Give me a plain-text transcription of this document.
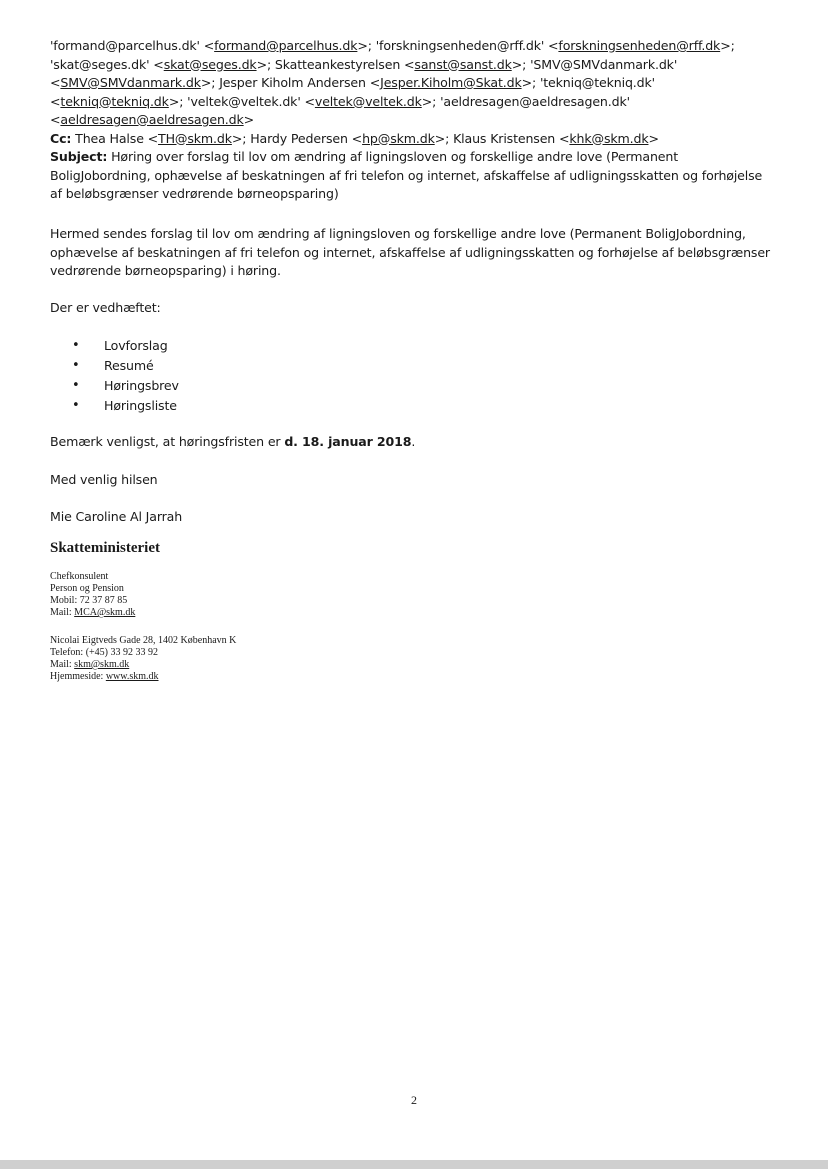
'formand@parcelhus.dk' <formand@parcelhus.dk>; 'forskningsenheden@rff.dk' <forskningsenheden@rff.dk>;

'skat@seges.dk' <skat@seges.dk>; Skatteankestyrelsen <sanst@sanst.dk>; 'SMV@SMVdanmark.dk'

<SMV@SMVdanmark.dk>; Jesper Kiholm Andersen <Jesper.Kiholm@Skat.dk>; 'tekniq@tekniq.dk'

<tekniq@tekniq.dk>; 'veltek@veltek.dk' <veltek@veltek.dk>; 'aeldresagen@aeldresagen.dk'

<aeldresagen@aeldresagen.dk>

Cc: Thea Halse <TH@skm.dk>; Hardy Pedersen <hp@skm.dk>; Klaus Kristensen <khk@skm.dk>

Subject: Høring over forslag til lov om ændring af ligningsloven og forskellige andre love (Permanent

BoligJobordning, ophævelse af beskatningen af fri telefon og internet, afskaffelse af udligningsskatten og forhøjelse

af beløbsgrænser vedrørende børneopsparing)

Hermed sendes forslag til lov om ændring af ligningsloven og forskellige andre love (Permanent BoligJobordning,
ophævelse af beskatningen af fri telefon og internet, afskaffelse af udligningsskatten og forhøjelse af beløbsgrænser
vedrørende børneopsparing) i høring.

Der er vedhæftet:

• Lovforslag
• Resumé
• Høringsbrev
• Høringsliste

Bemærk venligst, at høringsfristen er d. 18. januar 2018.

Med venlig hilsen

Mie Caroline Al Jarrah

Skatteministeriet

Chefkonsulent
Person og Pension
Mobil: 72 37 87 85
Mail: MCA@skm.dk
Nicolai Eigtveds Gade 28, 1402 København K
Telefon: (+45) 33 92 33 92
Mail: skm@skm.dk
Hjemmeside: www.skm.dk
2
